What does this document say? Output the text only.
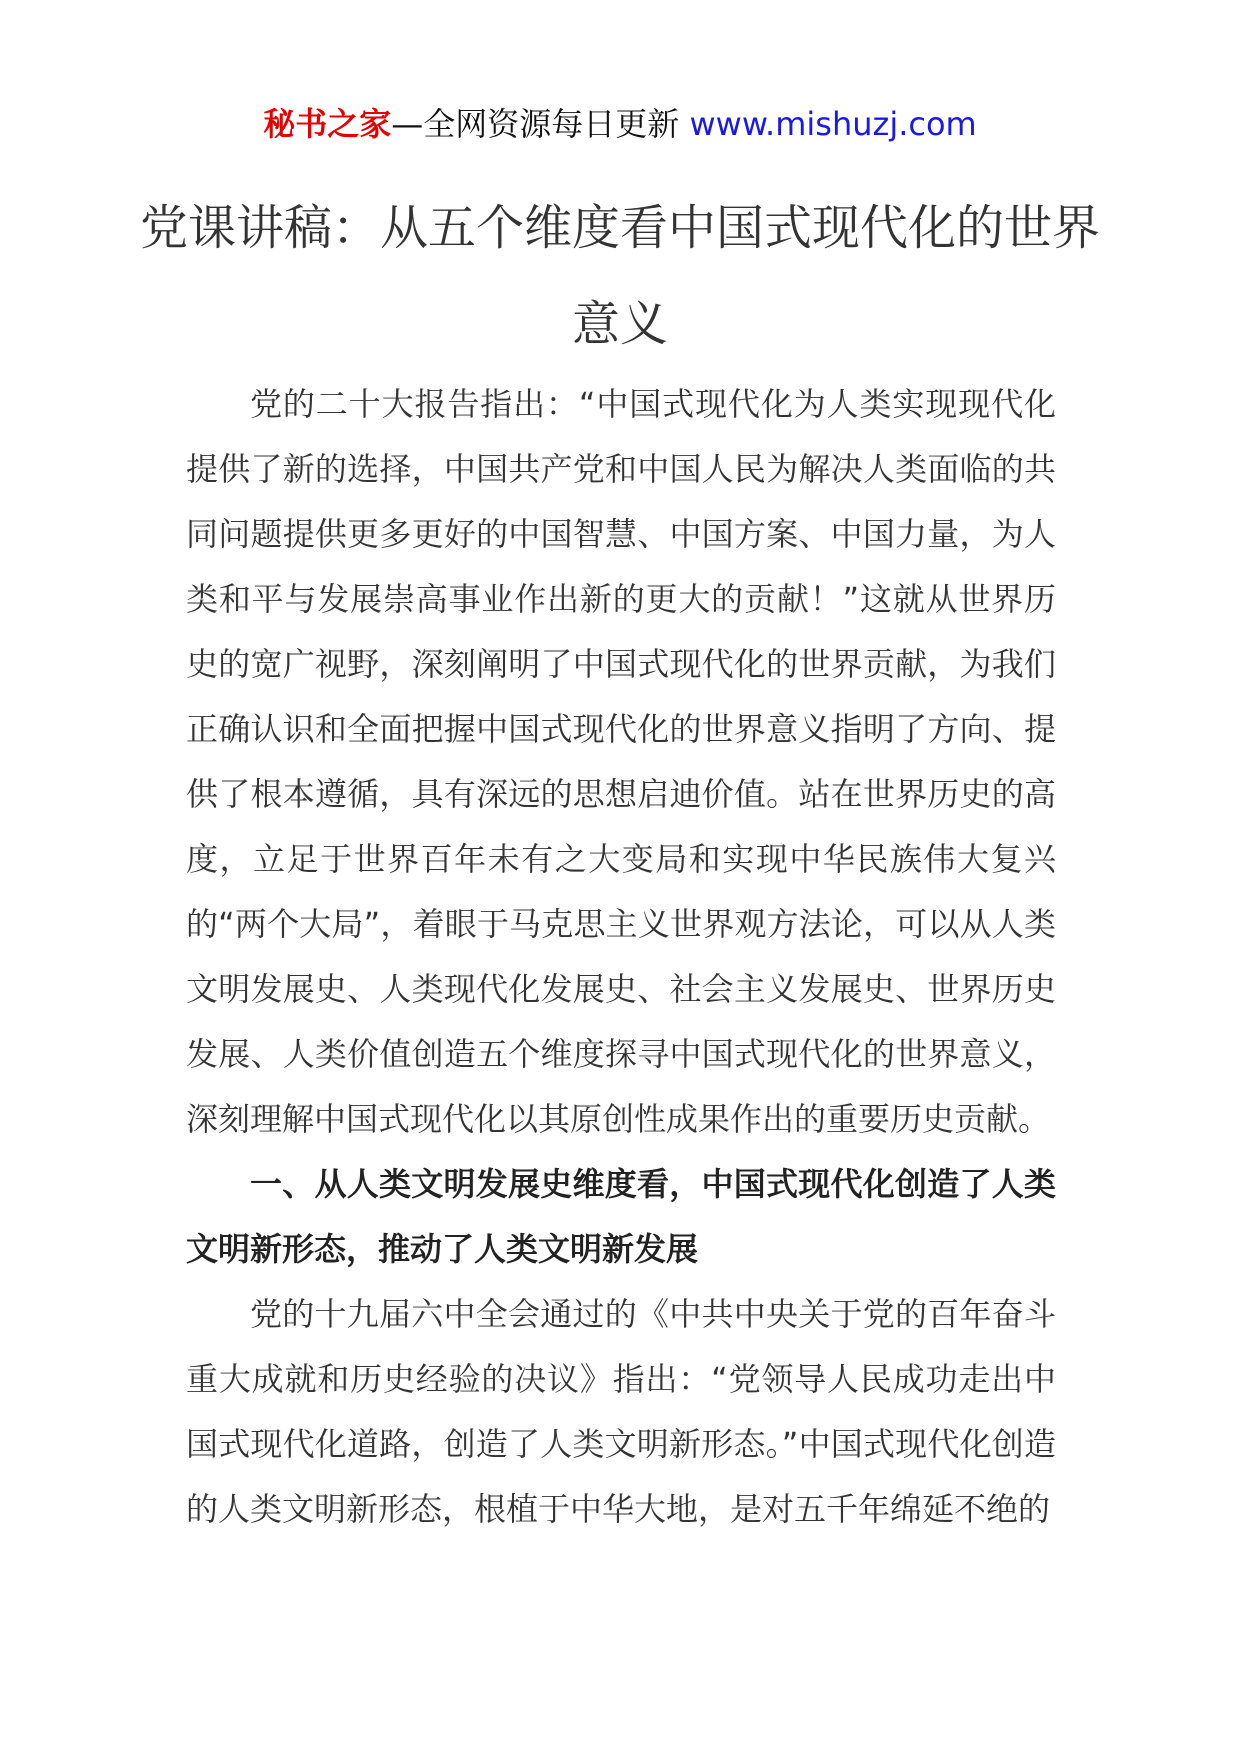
秘书之家—全网资源每日更新 www.mishuzj.com
党课讲稿：从五个维度看中国式现代化的世界意义

党的二十大报告指出：“中国式现代化为人类实现现代化提供了新的选择，中国共产党和中国人民为解决人类面临的共同问题提供更多更好的中国智慧、中国方案、中国力量，为人类和平与发展崇高事业作出新的更大的贡献！”这就从世界历史的宽广视野，深刻阐明了中国式现代化的世界贡献，为我们正确认识和全面把握中国式现代化的世界意义指明了方向、提供了根本遵循，具有深远的思想启迪价值。站在世界历史的高度，立足于世界百年未有之大变局和实现中华民族伟大复兴的“两个大局”，着眼于马克思主义世界观方法论，可以从人类文明发展史、人类现代化发展史、社会主义发展史、世界历史发展、人类价值创造五个维度探寻中国式现代化的世界意义，深刻理解中国式现代化以其原创性成果作出的重要历史贡献。

一、从人类文明发展史维度看，中国式现代化创造了人类文明新形态，推动了人类文明新发展

党的十九届六中全会通过的《中共中央关于党的百年奋斗重大成就和历史经验的决议》指出：“党领导人民成功走出中国式现代化道路，创造了人类文明新形态。”中国式现代化创造的人类文明新形态，根植于中华大地，是对五千年绵延不绝的
